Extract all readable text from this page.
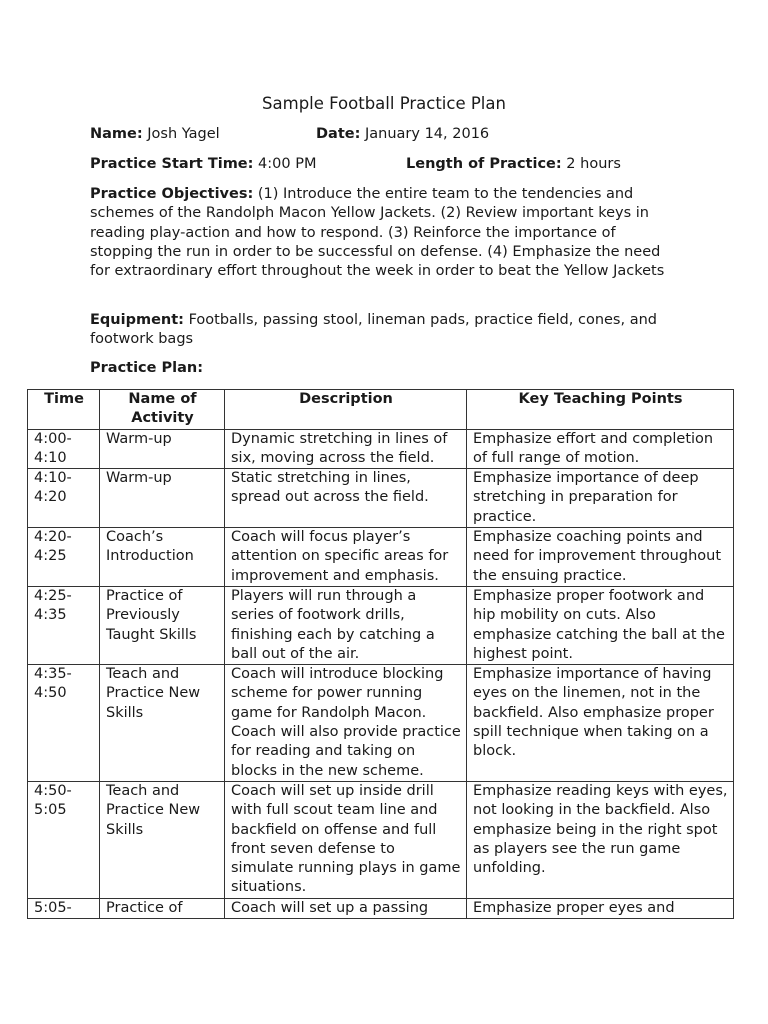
Sample Football Practice Plan
Name: Josh Yagel	Date: January 14, 2016
Practice Start Time: 4:00 PM	Length of Practice: 2 hours
Practice Objectives: (1) Introduce the entire team to the tendencies and schemes of the Randolph Macon Yellow Jackets. (2) Review important keys in reading play-action and how to respond. (3) Reinforce the importance of stopping the run in order to be successful on defense. (4) Emphasize the need for extraordinary effort throughout the week in order to beat the Yellow Jackets
Equipment: Footballs, passing stool, lineman pads, practice field, cones, and footwork bags
Practice Plan:
Time	Name of Activity	Description	Key Teaching Points
4:00-4:10	Warm-up	Dynamic stretching in lines of six, moving across the field.	Emphasize effort and completion of full range of motion.
4:10-4:20	Warm-up	Static stretching in lines, spread out across the field.	Emphasize importance of deep stretching in preparation for practice.
4:20-4:25	Coach’s Introduction	Coach will focus player’s attention on specific areas for improvement and emphasis.	Emphasize coaching points and need for improvement throughout the ensuing practice.
4:25-4:35	Practice of Previously Taught Skills	Players will run through a series of footwork drills, finishing each by catching a ball out of the air.	Emphasize proper footwork and hip mobility on cuts. Also emphasize catching the ball at the highest point.
4:35-4:50	Teach and Practice New Skills	Coach will introduce blocking scheme for power running game for Randolph Macon. Coach will also provide practice for reading and taking on blocks in the new scheme.	Emphasize importance of having eyes on the linemen, not in the backfield. Also emphasize proper spill technique when taking on a block.
4:50-5:05	Teach and Practice New Skills	Coach will set up inside drill with full scout team line and backfield on offense and full front seven defense to simulate running plays in game situations.	Emphasize reading keys with eyes, not looking in the backfield. Also emphasize being in the right spot as players see the run game unfolding.
5:05-	Practice of	Coach will set up a passing	Emphasize proper eyes and
